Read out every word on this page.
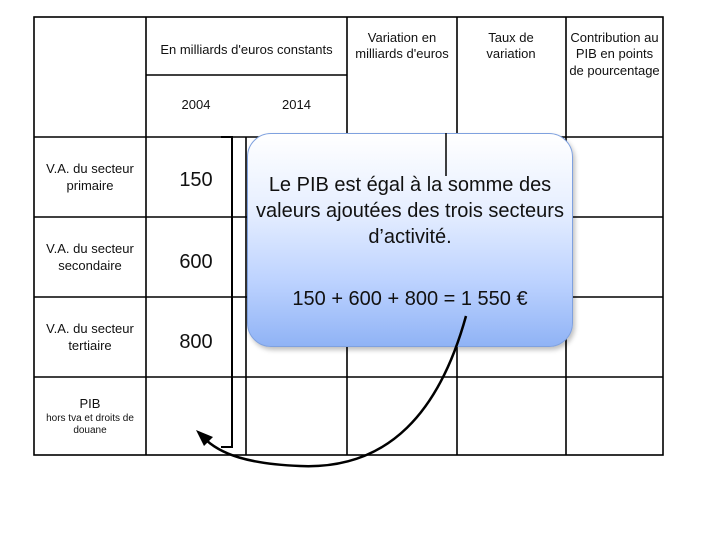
En milliards d'euros constants
2004	2014
Variation en milliards d'euros
Taux de variation
Contribution au PIB en points de pourcentage
V.A. du secteur primaire
V.A. du secteur secondaire
V.A. du secteur tertiaire
PIB
hors tva et droits de douane
150
600
800
Le PIB est égal à la somme des valeurs ajoutées des trois secteurs d’activité.
150 + 600 + 800 = 1 550 €
